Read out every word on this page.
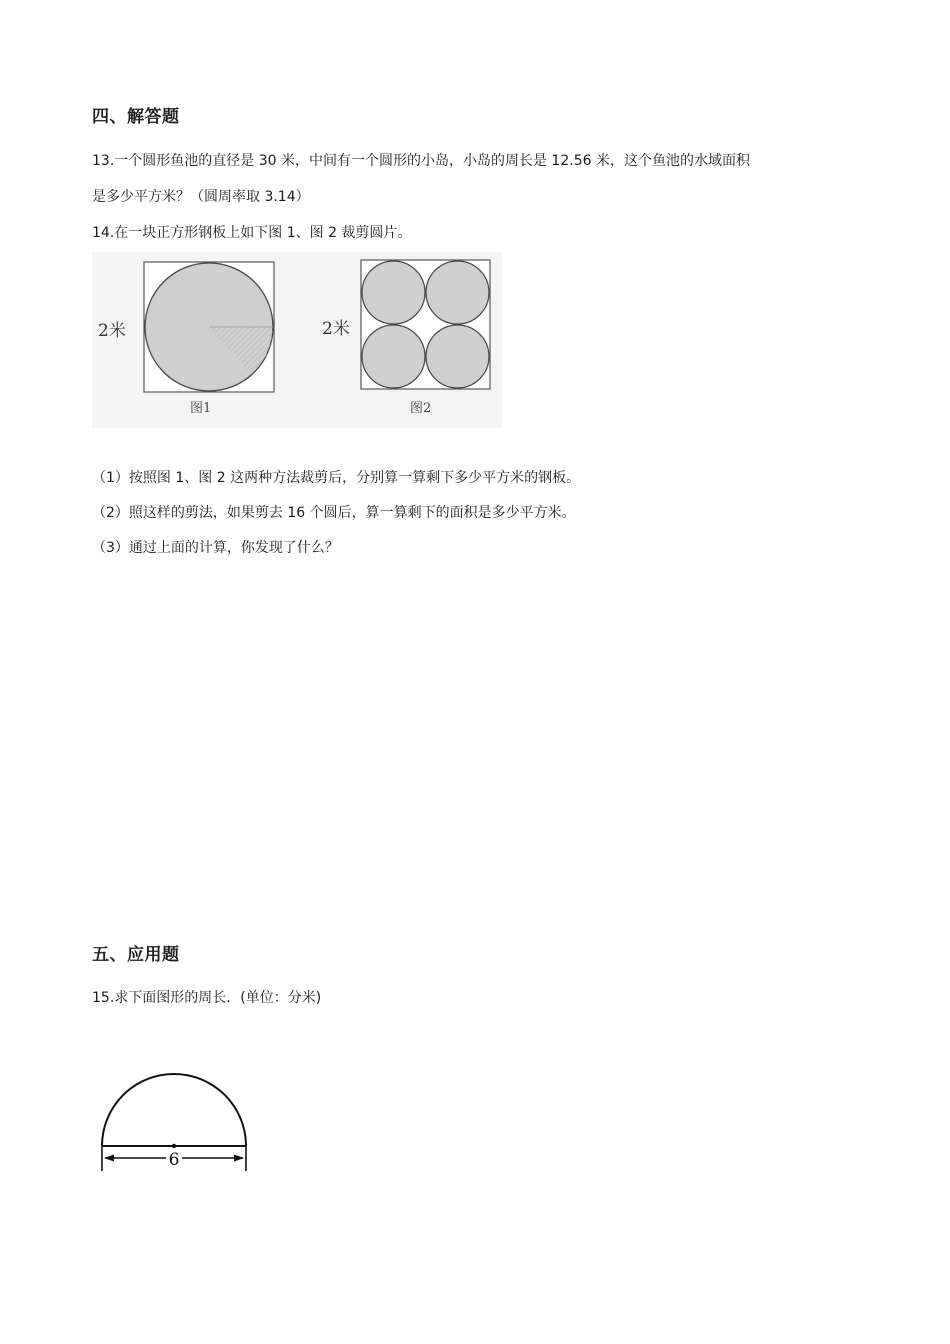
四、解答题
13.一个圆形鱼池的直径是 30 米，中间有一个圆形的小岛，小岛的周长是 12.56 米，这个鱼池的水域面积
是多少平方米？（圆周率取 3.14）
14.在一块正方形钢板上如下图 1、图 2 裁剪圆片。
2米
图1
2米
图2
（1）按照图 1、图 2 这两种方法裁剪后，分别算一算剩下多少平方米的钢板。
（2）照这样的剪法，如果剪去 16 个圆后，算一算剩下的面积是多少平方米。
（3）通过上面的计算，你发现了什么？
五、应用题
15.求下面图形的周长．(单位：分米)
6
